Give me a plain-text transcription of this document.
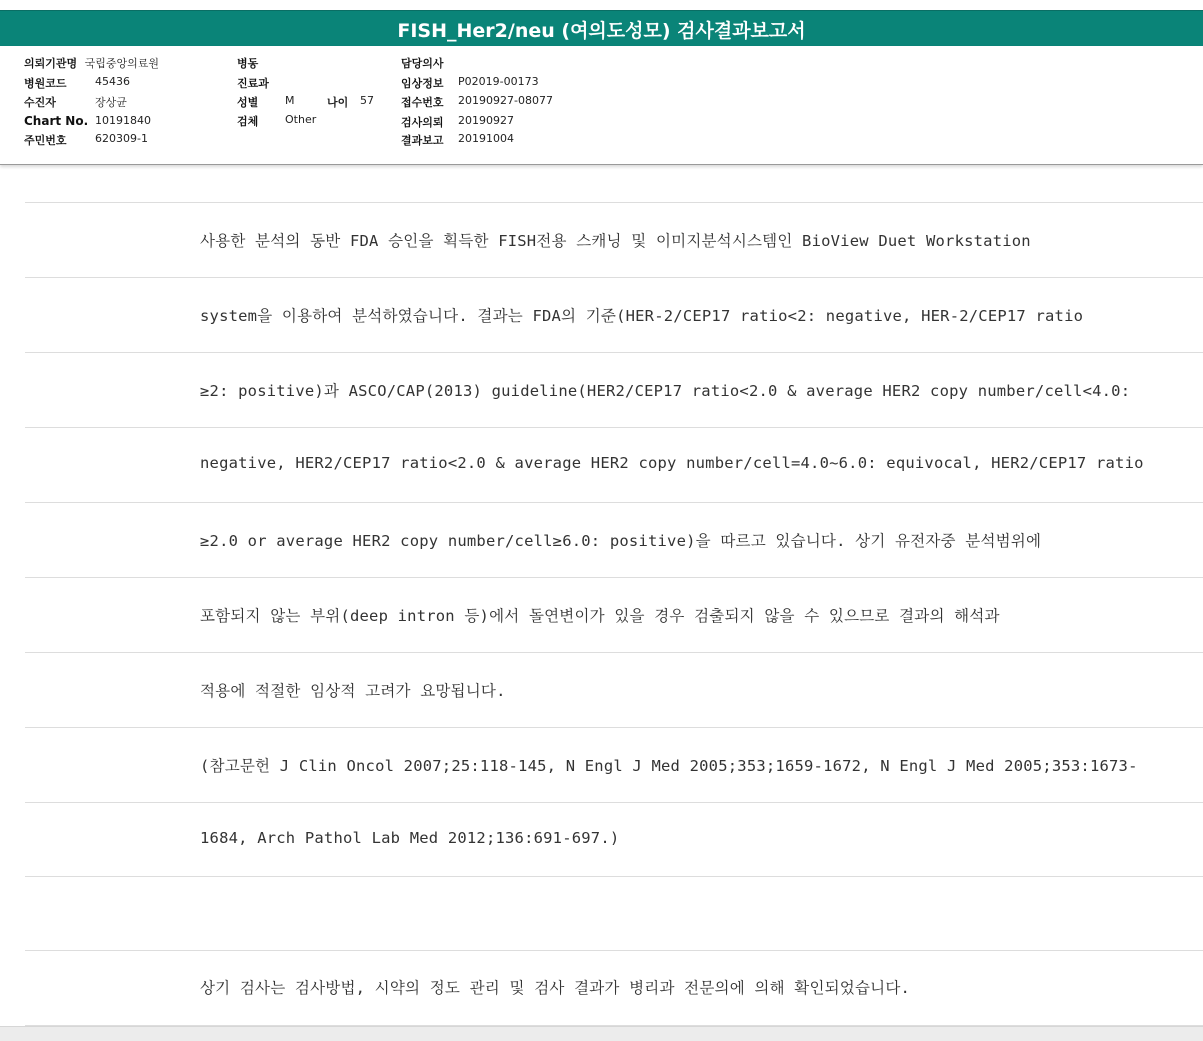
FISH_Her2/neu (여의도성모) 검사결과보고서
의뢰기관명 국립중앙의료원
병원코드	45436
수진자	장상균
Chart No. 10191840
주민번호	620309-1
병동
진료과
성별 M	나이 57
검체 Other
담당의사
임상정보 P02019-00173
접수번호 20190927-08077
검사의뢰 20190927
결과보고 20191004
사용한 분석의 동반 FDA 승인을 획득한 FISH전용 스캐닝 및 이미지분석시스템인 BioView Duet Workstation
system을 이용하여 분석하였습니다. 결과는 FDA의 기준(HER-2/CEP17 ratio<2: negative, HER-2/CEP17 ratio
≥2: positive)과 ASCO/CAP(2013) guideline(HER2/CEP17 ratio<2.0 & average HER2 copy number/cell<4.0:
negative, HER2/CEP17 ratio<2.0 & average HER2 copy number/cell=4.0~6.0: equivocal, HER2/CEP17 ratio
≥2.0 or average HER2 copy number/cell≥6.0: positive)을 따르고 있습니다. 상기 유전자중 분석범위에
포함되지 않는 부위(deep intron 등)에서 돌연변이가 있을 경우 검출되지 않을 수 있으므로 결과의 해석과
적용에 적절한 임상적 고려가 요망됩니다.
(참고문헌 J Clin Oncol 2007;25:118-145, N Engl J Med 2005;353;1659-1672, N Engl J Med 2005;353:1673-
1684, Arch Pathol Lab Med 2012;136:691-697.)
상기 검사는 검사방법, 시약의 정도 관리 및 검사 결과가 병리과 전문의에 의해 확인되었습니다.
